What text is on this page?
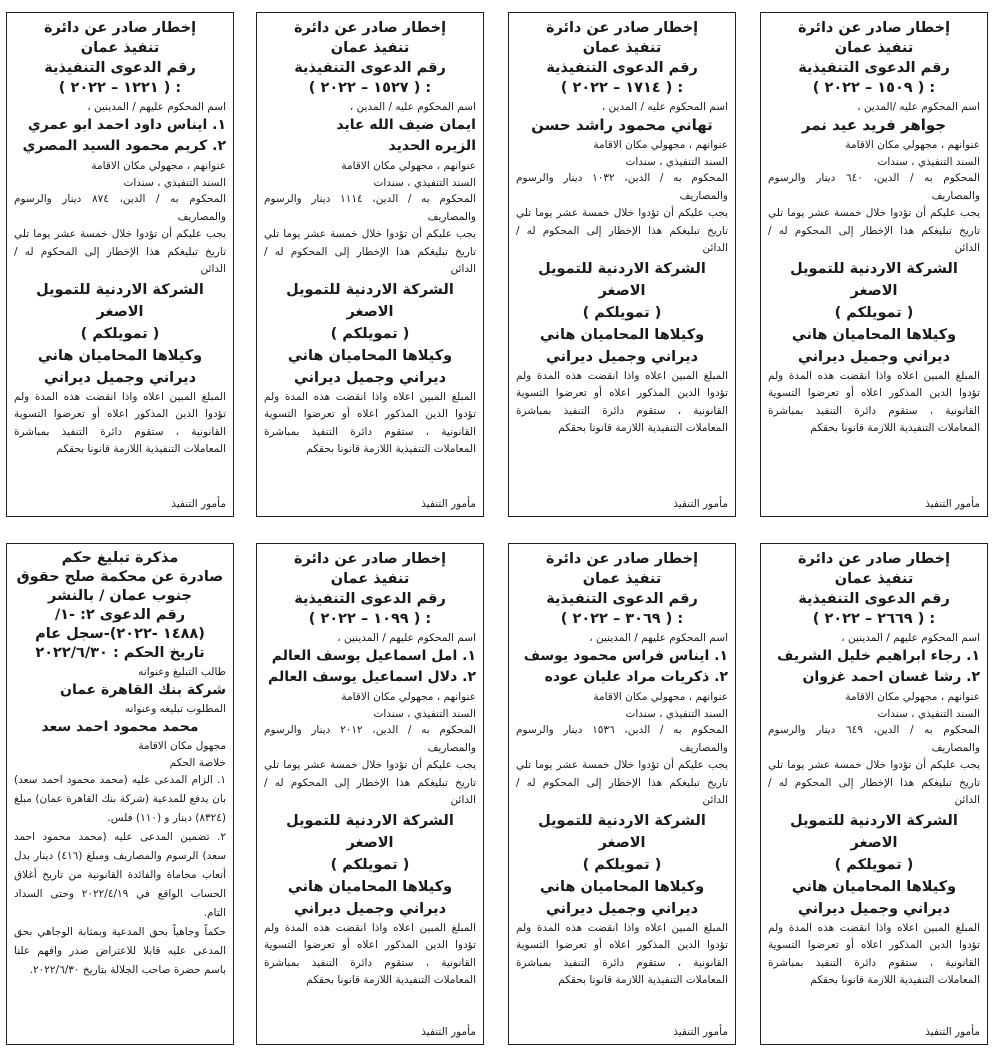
إخطار صادر عن دائرة
تنفيذ عمان
رقم الدعوى التنفيذية
: ( ١٥٠٩ – ٢٠٢٢ )
اسم المحكوم عليه /المدين ،
جواهر فريد عيد نمر
عنوانهم ، مجهولي مكان الاقامة
السند التنفيذي ، سندات
المحكوم به / الدين، ٦٤٠ دينار والرسوم والمصاريف
يجب عليكم أن تؤدوا خلال خمسة عشر يوما تلي تاريخ تبليغكم هذا الإخطار إلى المحكوم له / الدائن
الشركة الاردنية للتمويل الاصغر
( تمويلكم )
وكيلاها المحاميان هاني ديراني وجميل ديراني
المبلغ المبين اعلاه واذا انقضت هذه المدة ولم تؤدوا الدين المذكور اعلاه أو تعرضوا التسوية القانونية ، ستقوم دائرة التنفيذ بمباشرة المعاملات التنفيذية اللازمة قانونا بحقكم
مأمور التنفيذ
إخطار صادر عن دائرة
تنفيذ عمان
رقم الدعوى التنفيذية
: ( ١٧١٤ – ٢٠٢٢ )
اسم المحكوم عليه / المدين ،
تهاني محمود راشد حسن
عنوانهم ، مجهولي مكان الاقامة
السند التنفيذي ، سندات
المحكوم به / الدين، ١٠٣٢ دينار والرسوم والمصاريف
يجب عليكم أن تؤدوا خلال خمسة عشر يوما تلي تاريخ تبليغكم هذا الإخطار إلى المحكوم له / الدائن
الشركة الاردنية للتمويل الاصغر
( تمويلكم )
وكيلاها المحاميان هاني ديراني وجميل ديراني
المبلغ المبين اعلاه واذا انقضت هذه المدة ولم تؤدوا الدين المذكور اعلاه أو تعرضوا التسوية القانونية ، ستقوم دائرة التنفيذ بمباشرة المعاملات التنفيذية اللازمة قانونا بحقكم
مأمور التنفيذ
إخطار صادر عن دائرة
تنفيذ عمان
رقم الدعوى التنفيذية
: ( ١٥٢٧ – ٢٠٢٢ )
اسم المحكوم عليه / المدين ،
ايمان ضيف الله عايد
الزيره الحديد
عنوانهم ، مجهولي مكان الاقامة
السند التنفيذي ، سندات
المحكوم به / الدين، ١١١٤ دينار والرسوم والمصاريف
يجب عليكم أن تؤدوا خلال خمسة عشر يوما تلي تاريخ تبليغكم هذا الإخطار إلى المحكوم له / الدائن
الشركة الاردنية للتمويل الاصغر
( تمويلكم )
وكيلاها المحاميان هاني ديراني وجميل ديراني
المبلغ المبين اعلاه واذا انقضت هذه المدة ولم تؤدوا الدين المذكور اعلاه أو تعرضوا التسوية القانونية ، ستقوم دائرة التنفيذ بمباشرة المعاملات التنفيذية اللازمة قانونا بحقكم
مأمور التنفيذ
إخطار صادر عن دائرة
تنفيذ عمان
رقم الدعوى التنفيذية
: ( ١٢٢١ – ٢٠٢٢ )
اسم المحكوم عليهم / المدينين ،
١. ايناس داود احمد ابو عمري
٢. كريم محمود السيد المصري
عنوانهم ، مجهولي مكان الاقامة
السند التنفيذي ، سندات
المحكوم به / الدين، ٨٧٤ دينار والرسوم والمصاريف
يجب عليكم أن تؤدوا خلال خمسة عشر يوما تلي تاريخ تبليغكم هذا الإخطار إلى المحكوم له / الدائن
الشركة الاردنية للتمويل الاصغر
( تمويلكم )
وكيلاها المحاميان هاني ديراني وجميل ديراني
المبلغ المبين اعلاه واذا انقضت هذه المدة ولم تؤدوا الدين المذكور اعلاه أو تعرضوا التسوية القانونية ، ستقوم دائرة التنفيذ بمباشرة المعاملات التنفيذية اللازمة قانونا بحقكم
مأمور التنفيذ
إخطار صادر عن دائرة
تنفيذ عمان
رقم الدعوى التنفيذية
: ( ٢٦٦٩ – ٢٠٢٢ )
اسم المحكوم عليهم / المدينين ،
١. رجاء ابراهيم خليل الشريف
٢. رشا غسان احمد غزوان
عنوانهم ، مجهولي مكان الاقامة
السند التنفيذي ، سندات
المحكوم به / الدين، ٦٤٩ دينار والرسوم والمصاريف
يجب عليكم أن تؤدوا خلال خمسة عشر يوما تلي تاريخ تبليغكم هذا الإخطار إلى المحكوم له / الدائن
الشركة الاردنية للتمويل الاصغر
( تمويلكم )
وكيلاها المحاميان هاني ديراني وجميل ديراني
المبلغ المبين اعلاه واذا انقضت هذه المدة ولم تؤدوا الدين المذكور اعلاه أو تعرضوا التسوية القانونية ، ستقوم دائرة التنفيذ بمباشرة المعاملات التنفيذية اللازمة قانونا بحقكم
مأمور التنفيذ
إخطار صادر عن دائرة
تنفيذ عمان
رقم الدعوى التنفيذية
: ( ٣٠٦٩ – ٢٠٢٢ )
اسم المحكوم عليهم / المدينين ،
١. ايناس فراس محمود يوسف
٢. ذكريات مراد عليان عوده
عنوانهم ، مجهولي مكان الاقامة
السند التنفيذي ، سندات
المحكوم به / الدين، ١٥٣٦ دينار والرسوم والمصاريف
يجب عليكم أن تؤدوا خلال خمسة عشر يوما تلي تاريخ تبليغكم هذا الإخطار إلى المحكوم له / الدائن
الشركة الاردنية للتمويل الاصغر
( تمويلكم )
وكيلاها المحاميان هاني ديراني وجميل ديراني
المبلغ المبين اعلاه واذا انقضت هذه المدة ولم تؤدوا الدين المذكور اعلاه أو تعرضوا التسوية القانونية ، ستقوم دائرة التنفيذ بمباشرة المعاملات التنفيذية اللازمة قانونا بحقكم
مأمور التنفيذ
إخطار صادر عن دائرة
تنفيذ عمان
رقم الدعوى التنفيذية
: ( ١٠٩٩ – ٢٠٢٢ )
اسم المحكوم عليهم / المدينين ،
١. امل اسماعيل يوسف العالم
٢. دلال اسماعيل يوسف العالم
عنوانهم ، مجهولي مكان الاقامة
السند التنفيذي ، سندات
المحكوم به / الدين، ٢٠١٢ دينار والرسوم والمصاريف
يجب عليكم أن تؤدوا خلال خمسة عشر يوما تلي تاريخ تبليغكم هذا الإخطار إلى المحكوم له / الدائن
الشركة الاردنية للتمويل الاصغر
( تمويلكم )
وكيلاها المحاميان هاني ديراني وجميل ديراني
المبلغ المبين اعلاه واذا انقضت هذه المدة ولم تؤدوا الدين المذكور اعلاه أو تعرضوا التسوية القانونية ، ستقوم دائرة التنفيذ بمباشرة المعاملات التنفيذية اللازمة قانونا بحقكم
مأمور التنفيذ
مذكرة تبليغ حكم
صادرة عن محكمة صلح حقوق
جنوب عمان / بالنشر
رقم الدعوى ٢: -١/
(١٤٨٨ -٢٠٢٢)-سجل عام
تاريخ الحكم : ٢٠٢٢/٦/٣٠
طالب التبليغ وعنوانه
شركة بنك القاهرة عمان
المطلوب تبليغه وعنوانه
محمد محمود احمد سعد
مجهول مكان الاقامة
خلاصة الحكم
١. الزام المدعى عليه (محمد محمود احمد سعد) بان يدفع للمدعية (شركة بنك القاهرة عمان) مبلغ (٨٣٢٤) دينار و (١١٠) فلس.
٢. تضمين المدعى عليه (محمد محمود احمد سعد) الرسوم والمصاريف ومبلغ (٤١٦) دينار بدل أتعاب محاماة والفائدة القانونية من تاريخ أغلاق الحساب الواقع في ٢٠٢٢/٤/١٩ وحتى السداد التام.
حكماً وجاهياً بحق المدعية وبمثابة الوجاهي بحق المدعى عليه قابلا للاعتراض صدر وافهم علنا باسم حضرة صاحب الجلالة بتاريخ ٢٠٢٢/٦/٣٠.
